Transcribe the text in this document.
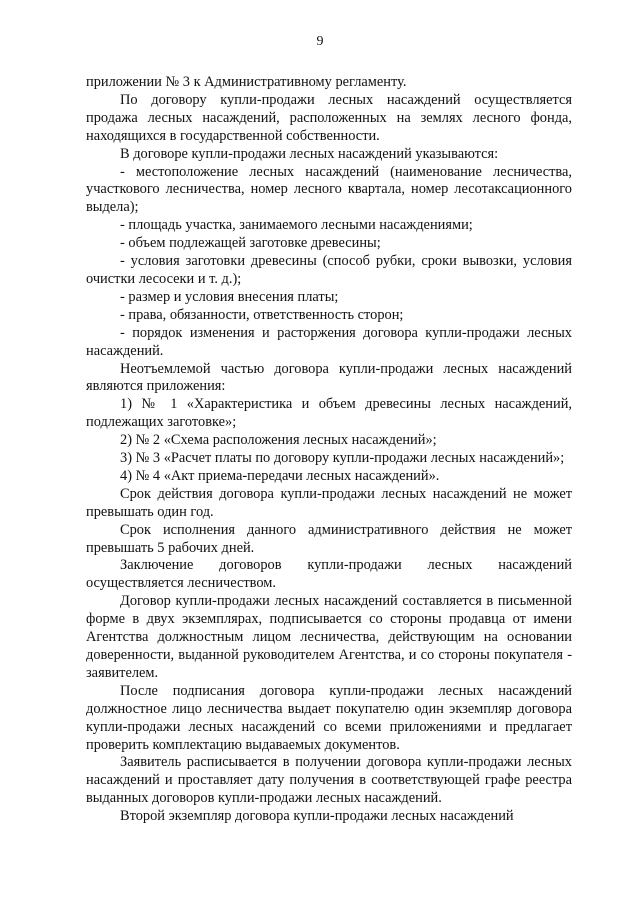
9

приложении № 3 к Административному регламенту.

По договору купли-продажи лесных насаждений осуществляется продажа лесных насаждений, расположенных на землях лесного фонда, находящихся в государственной собственности.

В договоре купли-продажи лесных насаждений указываются:

- местоположение лесных насаждений (наименование лесничества, участкового лесничества, номер лесного квартала, номер лесотаксационного выдела);

- площадь участка, занимаемого лесными насаждениями;

- объем подлежащей заготовке древесины;

- условия заготовки древесины (способ рубки, сроки вывозки, условия очистки лесосеки и т. д.);

- размер и условия внесения платы;

- права, обязанности, ответственность сторон;

- порядок изменения и расторжения договора купли-продажи лесных насаждений.

Неотъемлемой частью договора купли-продажи лесных насаждений являются приложения:

1) № 1 «Характеристика и объем древесины лесных насаждений, подлежащих заготовке»;

2) № 2 «Схема расположения лесных насаждений»;

3) № 3 «Расчет платы по договору купли-продажи лесных насаждений»;

4) № 4 «Акт приема-передачи лесных насаждений».

Срок действия договора купли-продажи лесных насаждений не может превышать один год.

Срок исполнения данного административного действия не может превышать 5 рабочих дней.

Заключение договоров купли-продажи лесных насаждений осуществляется лесничеством.

Договор купли-продажи лесных насаждений составляется в письменной форме в двух экземплярах, подписывается со стороны продавца от имени Агентства должностным лицом лесничества, действующим на основании доверенности, выданной руководителем Агентства, и со стороны покупателя - заявителем.

После подписания договора купли-продажи лесных насаждений должностное лицо лесничества выдает покупателю один экземпляр договора купли-продажи лесных насаждений со всеми приложениями и предлагает проверить комплектацию выдаваемых документов.

Заявитель расписывается в получении договора купли-продажи лесных насаждений и проставляет дату получения в соответствующей графе реестра выданных договоров купли-продажи лесных насаждений.

Второй экземпляр договора купли-продажи лесных насаждений
